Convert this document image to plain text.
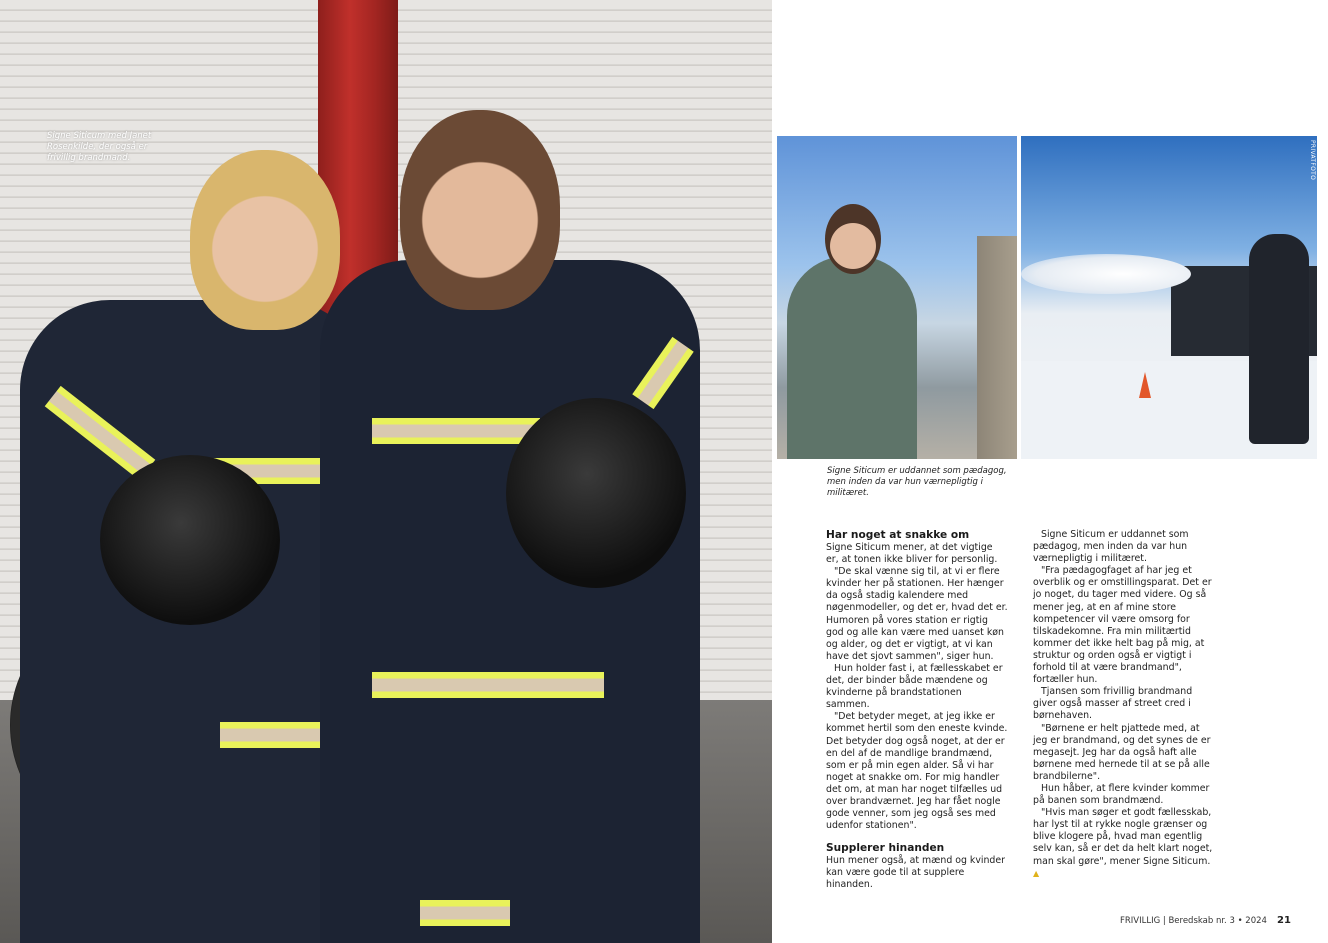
Signe Siticum med Janet Rosenkilde, der også er frivillig brandmand.	PRIVATFOTO
Signe Siticum er uddannet som pædagog, men inden da var hun værnepligtig i militæret.
Har noget at snakke om

Signe Siticum mener, at det vigtige er, at tonen ikke bliver for personlig.

"De skal vænne sig til, at vi er flere kvinder her på stationen. Her hænger da også stadig kalendere med nøgenmodeller, og det er, hvad det er. Humoren på vores station er rigtig god og alle kan være med uanset køn og alder, og det er vigtigt, at vi kan have det sjovt sammen", siger hun.

Hun holder fast i, at fællesskabet er det, der binder både mændene og kvinderne på brandstationen sammen.

"Det betyder meget, at jeg ikke er kommet hertil som den eneste kvinde. Det betyder dog også noget, at der er en del af de mandlige brandmænd, som er på min egen alder. Så vi har noget at snakke om. For mig handler det om, at man har noget tilfælles ud over brandværnet. Jeg har fået nogle gode venner, som jeg også ses med udenfor stationen".

Supplerer hinanden

Hun mener også, at mænd og kvinder kan være gode til at supplere hinanden.

Signe Siticum er uddannet som pædagog, men inden da var hun værnepligtig i militæret.

"Fra pædagogfaget af har jeg et overblik og er omstillingsparat. Det er jo noget, du tager med videre. Og så mener jeg, at en af mine store kompetencer vil være omsorg for tilskadekomne. Fra min militærtid kommer det ikke helt bag på mig, at struktur og orden også er vigtigt i forhold til at være brandmand", fortæller hun.

Tjansen som frivillig brandmand giver også masser af street cred i børnehaven.

"Børnene er helt pjattede med, at jeg er brandmand, og det synes de er megasejt. Jeg har da også haft alle børnene med hernede til at se på alle brandbilerne".

Hun håber, at flere kvinder kommer på banen som brandmænd.

"Hvis man søger et godt fællesskab, har lyst til at rykke nogle grænser og blive klogere på, hvad man egentlig selv kan, så er det da helt klart noget, man skal gøre", mener Signe Siticum. ▲

FRIVILLIG | Beredskab nr. 3 • 2024 21
